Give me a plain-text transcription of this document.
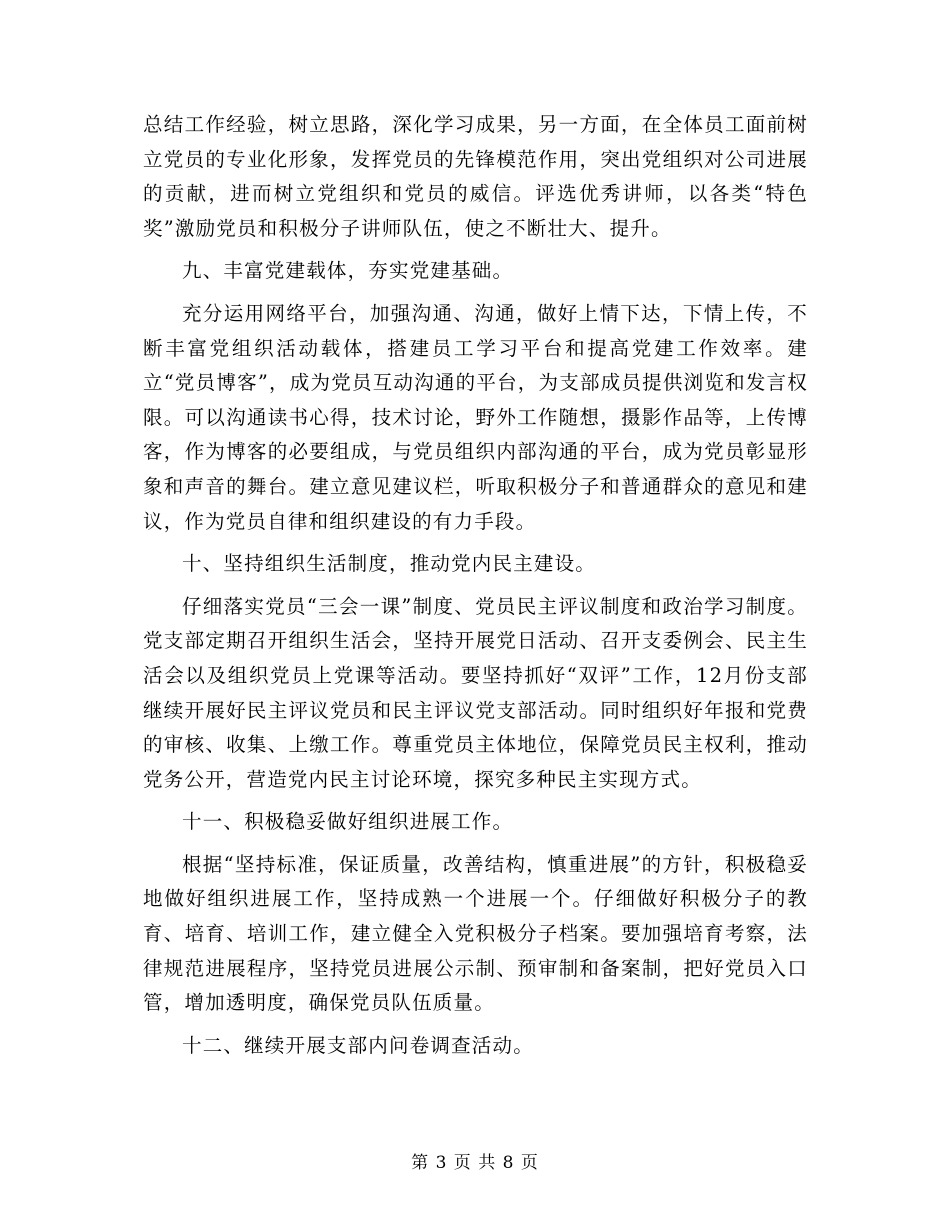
总结工作经验，树立思路，深化学习成果，另一方面，在全体员工面前树立党员的专业化形象，发挥党员的先锋模范作用，突出党组织对公司进展的贡献，进而树立党组织和党员的威信。评选优秀讲师，以各类“特色奖”激励党员和积极分子讲师队伍，使之不断壮大、提升。

九、丰富党建载体，夯实党建基础。

充分运用网络平台，加强沟通、沟通，做好上情下达，下情上传，不断丰富党组织活动载体，搭建员工学习平台和提高党建工作效率。建立“党员博客”，成为党员互动沟通的平台，为支部成员提供浏览和发言权限。可以沟通读书心得，技术讨论，野外工作随想，摄影作品等，上传博客，作为博客的必要组成，与党员组织内部沟通的平台，成为党员彰显形象和声音的舞台。建立意见建议栏，听取积极分子和普通群众的意见和建议，作为党员自律和组织建设的有力手段。

十、坚持组织生活制度，推动党内民主建设。

仔细落实党员“三会一课”制度、党员民主评议制度和政治学习制度。党支部定期召开组织生活会，坚持开展党日活动、召开支委例会、民主生活会以及组织党员上党课等活动。要坚持抓好“双评”工作，12月份支部继续开展好民主评议党员和民主评议党支部活动。同时组织好年报和党费的审核、收集、上缴工作。尊重党员主体地位，保障党员民主权利，推动党务公开，营造党内民主讨论环境，探究多种民主实现方式。

十一、积极稳妥做好组织进展工作。

根据“坚持标准，保证质量，改善结构，慎重进展”的方针，积极稳妥地做好组织进展工作，坚持成熟一个进展一个。仔细做好积极分子的教育、培育、培训工作，建立健全入党积极分子档案。要加强培育考察，法律规范进展程序，坚持党员进展公示制、预审制和备案制，把好党员入口管，增加透明度，确保党员队伍质量。

十二、继续开展支部内问卷调查活动。

第 3 页 共 8 页
